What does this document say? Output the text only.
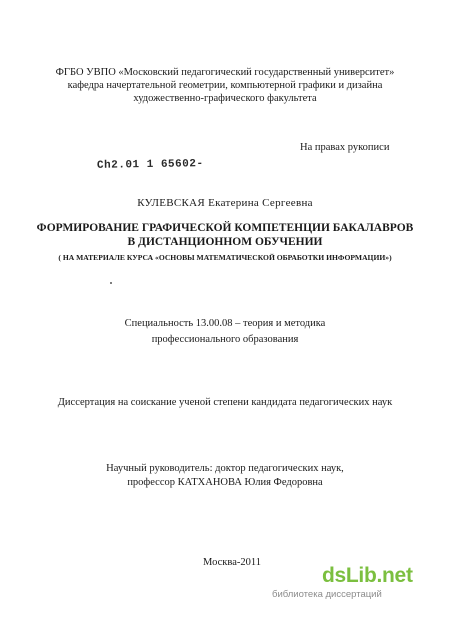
ФГБО УВПО «Московский педагогический государственный университет»
кафедра начертательной геометрии, компьютерной графики и дизайна
художественно-графического факультета
На правах рукописи
Ch2.01 1 65602-
КУЛЕВСКАЯ Екатерина Сергеевна
ФОРМИРОВАНИЕ ГРАФИЧЕСКОЙ КОМПЕТЕНЦИИ БАКАЛАВРОВ
В ДИСТАНЦИОННОМ ОБУЧЕНИИ
( НА МАТЕРИАЛЕ КУРСА «ОСНОВЫ МАТЕМАТИЧЕСКОЙ ОБРАБОТКИ ИНФОРМАЦИИ»)
Специальность 13.00.08 – теория и методика
профессионального образования
Диссертация на соискание ученой степени кандидата педагогических наук
Научный руководитель: доктор педагогических наук,
профессор КАТХАНОВА Юлия Федоровна
Москва-2011
dsLib.net
библиотека диссертаций
